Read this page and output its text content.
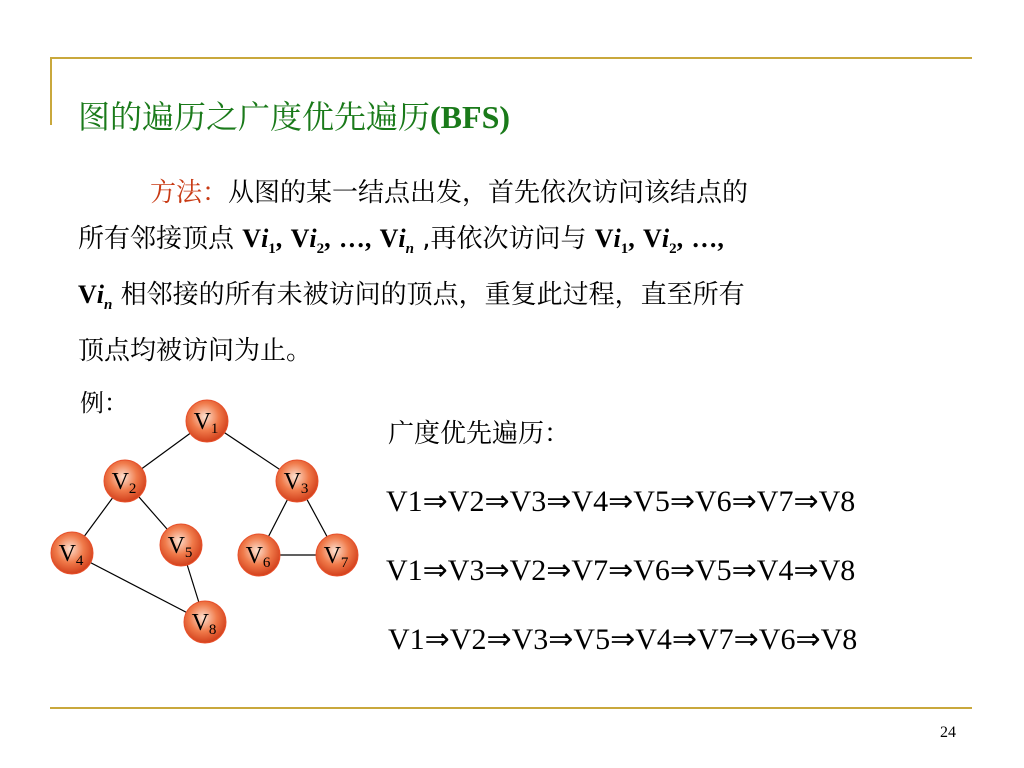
图的遍历之广度优先遍历(BFS)
方法：从图的某一结点出发，首先依次访问该结点的
所有邻接顶点 $Vi_1$, $Vi_2$, …, $Vi_n$ ,再依次访问与 $Vi_1$, $Vi_2$, …,
$Vi_n$ 相邻接的所有未被访问的顶点，重复此过程，直至所有
顶点均被访问为止。
例：
V1
V2	V3
V4
V5 V6 V7
V8
广度优先遍历：
V1⇒V2⇒V3⇒V4⇒V5⇒V6⇒V7⇒V8
V1⇒V3⇒V2⇒V7⇒V6⇒V5⇒V4⇒V8
V1⇒V2⇒V3⇒V5⇒V4⇒V7⇒V6⇒V8
24
